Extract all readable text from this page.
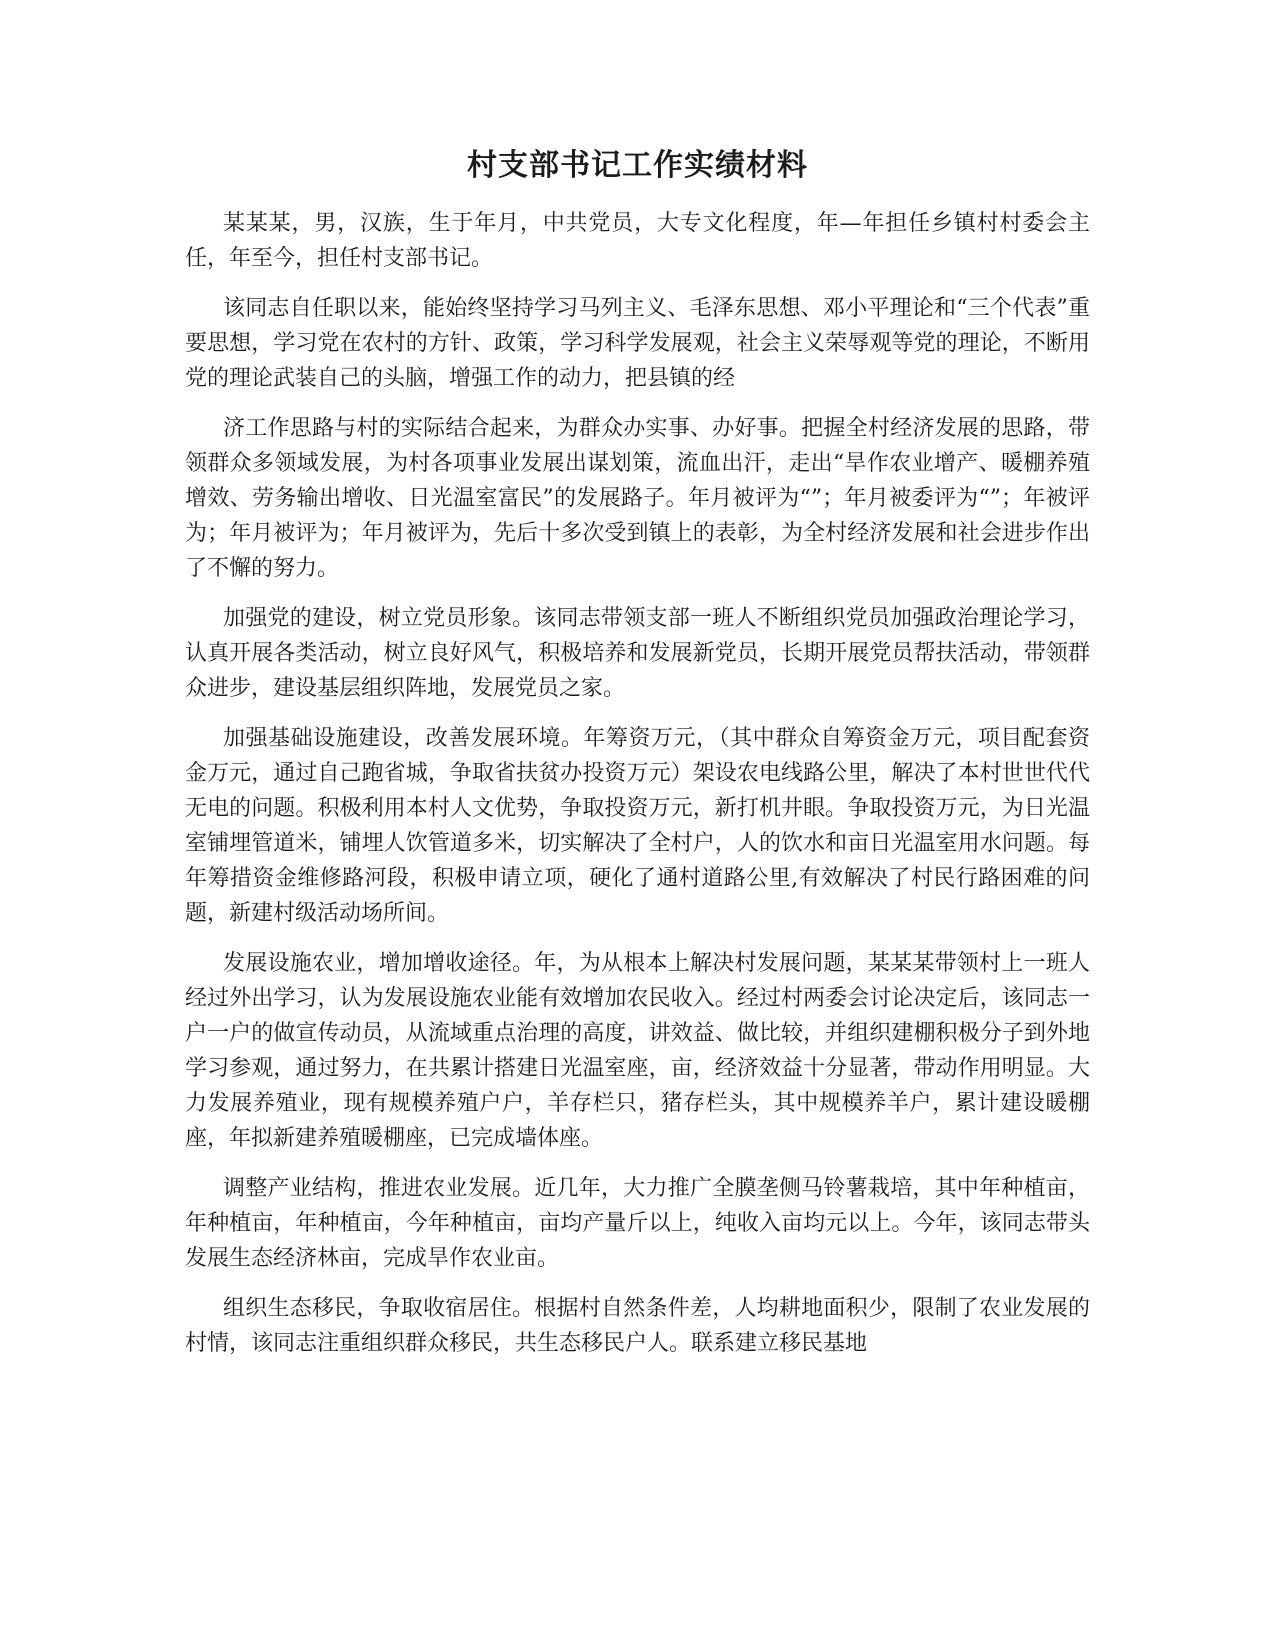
村支部书记工作实绩材料

某某某，男，汉族，生于年月，中共党员，大专文化程度，年—年担任乡镇村村委会主任，年至今，担任村支部书记。

该同志自任职以来，能始终坚持学习马列主义、毛泽东思想、邓小平理论和“三个代表”重要思想，学习党在农村的方针、政策，学习科学发展观，社会主义荣辱观等党的理论，不断用党的理论武装自己的头脑，增强工作的动力，把县镇的经

济工作思路与村的实际结合起来，为群众办实事、办好事。把握全村经济发展的思路，带领群众多领域发展，为村各项事业发展出谋划策，流血出汗，走出“旱作农业增产、暖棚养殖增效、劳务输出增收、日光温室富民”的发展路子。年月被评为“”；年月被委评为“”；年被评为；年月被评为；年月被评为，先后十多次受到镇上的表彰，为全村经济发展和社会进步作出了不懈的努力。

加强党的建设，树立党员形象。该同志带领支部一班人不断组织党员加强政治理论学习，认真开展各类活动，树立良好风气，积极培养和发展新党员，长期开展党员帮扶活动，带领群众进步，建设基层组织阵地，发展党员之家。

加强基础设施建设，改善发展环境。年筹资万元，（其中群众自筹资金万元，项目配套资金万元，通过自己跑省城，争取省扶贫办投资万元）架设农电线路公里，解决了本村世世代代无电的问题。积极利用本村人文优势，争取投资万元，新打机井眼。争取投资万元，为日光温室铺埋管道米，铺埋人饮管道多米，切实解决了全村户，人的饮水和亩日光温室用水问题。每年筹措资金维修路河段，积极申请立项，硬化了通村道路公里,有效解决了村民行路困难的问题，新建村级活动场所间。

发展设施农业，增加增收途径。年，为从根本上解决村发展问题，某某某带领村上一班人经过外出学习，认为发展设施农业能有效增加农民收入。经过村两委会讨论决定后，该同志一户一户的做宣传动员，从流域重点治理的高度，讲效益、做比较，并组织建棚积极分子到外地学习参观，通过努力，在共累计搭建日光温室座，亩，经济效益十分显著，带动作用明显。大力发展养殖业，现有规模养殖户户，羊存栏只，猪存栏头，其中规模养羊户，累计建设暖棚座，年拟新建养殖暖棚座，已完成墙体座。

调整产业结构，推进农业发展。近几年，大力推广全膜垄侧马铃薯栽培，其中年种植亩，年种植亩，年种植亩，今年种植亩，亩均产量斤以上，纯收入亩均元以上。今年，该同志带头发展生态经济林亩，完成旱作农业亩。

组织生态移民，争取收宿居住。根据村自然条件差，人均耕地面积少，限制了农业发展的村情，该同志注重组织群众移民，共生态移民户人。联系建立移民基地
